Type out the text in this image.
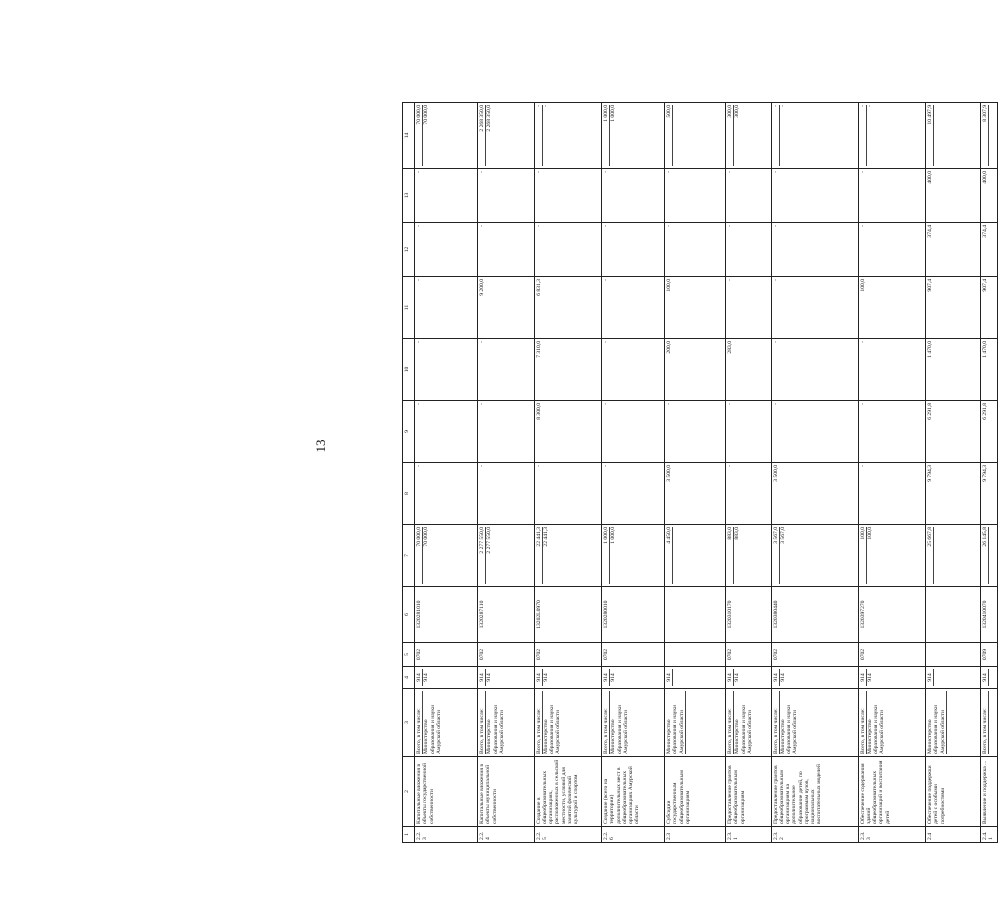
13
1	2	3	4	5	6	7	8	9	10	11	12	13	14
2.2.3	Капитальные вложения в объекты государственной собственности	Всего, в том числе: Министерство образования и науки Амурской области	914 914	0702	1320281010	70 000,0 70 000,0	-	-	-	-	-	-	70 000,0 70 000,0

2.2.4	Капитальные вложения в объекты муниципальной собственности	Всего, в том числе: Министерство образования и науки Амурской области	914 914	0702	1320287110	2 277 550,0 2 277 550,0	-	-	-	9 200,0	-	-	2 268 350,0 2 268 350,0

2.2.5	Создание в общеобразовательных организациях, расположенных в сельской местности, условий для занятий физической культурой и спортом	Всего, в том числе: Министерство образования и науки Амурской области	914 914	0702	13202L0970	22 441,3 22 441,3	-	8 300,0	7 310,0	6 831,3	-	-	- -

2.2.6	Создание (всего на территории) дополнительных мест в общеобразовательных организациях Амурской области	Всего, в том числе: Министерство образования и науки Амурской области	914 914	0702	1320280010	1 000,0 1 000,0	-	-	-	-	-	-	1 000,0 1 000,0

2.3	Субсидии государственным общеобразовательным организациям	Министерство образования и науки Амурской области	914			4 450,0	3 500,0	-	200,0	100,0	-	-	500,0

2.3.1	Предоставление грантов общеобразовательным организациям	Всего, в том числе: Министерство образования и науки Амурской области	914 914	0702	1320310170	883,0 883,0	-	-	283,0	-	-	-	300,0 300,0

2.3.2	Предоставление грантов общеобразовательным организациям на дополнительное образование детей, по программам вузов, национальных воспитательных моделей	Всего, в том числе: Министерство образования и науки Амурской области	914 914	0702	1320380440	3 567,0 3 567,0	3 500,0	-	-	-	-	-	- -

2.3.3	Обеспечение содержания зданий общеобразовательных организаций и воспитания детей	Всего, в том числе: Министерство образования и науки Амурской области	914 914	0702	1320397270	100,0 100,0	-	-	-	100,0	-	-	- -

2.4	Обеспечение поддержки детей с особыми потребностями	Министерство образования и науки Амурской области	914			25 667,8	9 794,3	6 291,8	1 470,0	907,4	374,4	400,0	10 497,9

2.4.1	Выявление и поддержка ...	Всего, в том числе:	914	0709	1320410070	26 145,8	9 794,3	6 291,8	1 470,0	907,4	374,4	400,0	8 307,9
